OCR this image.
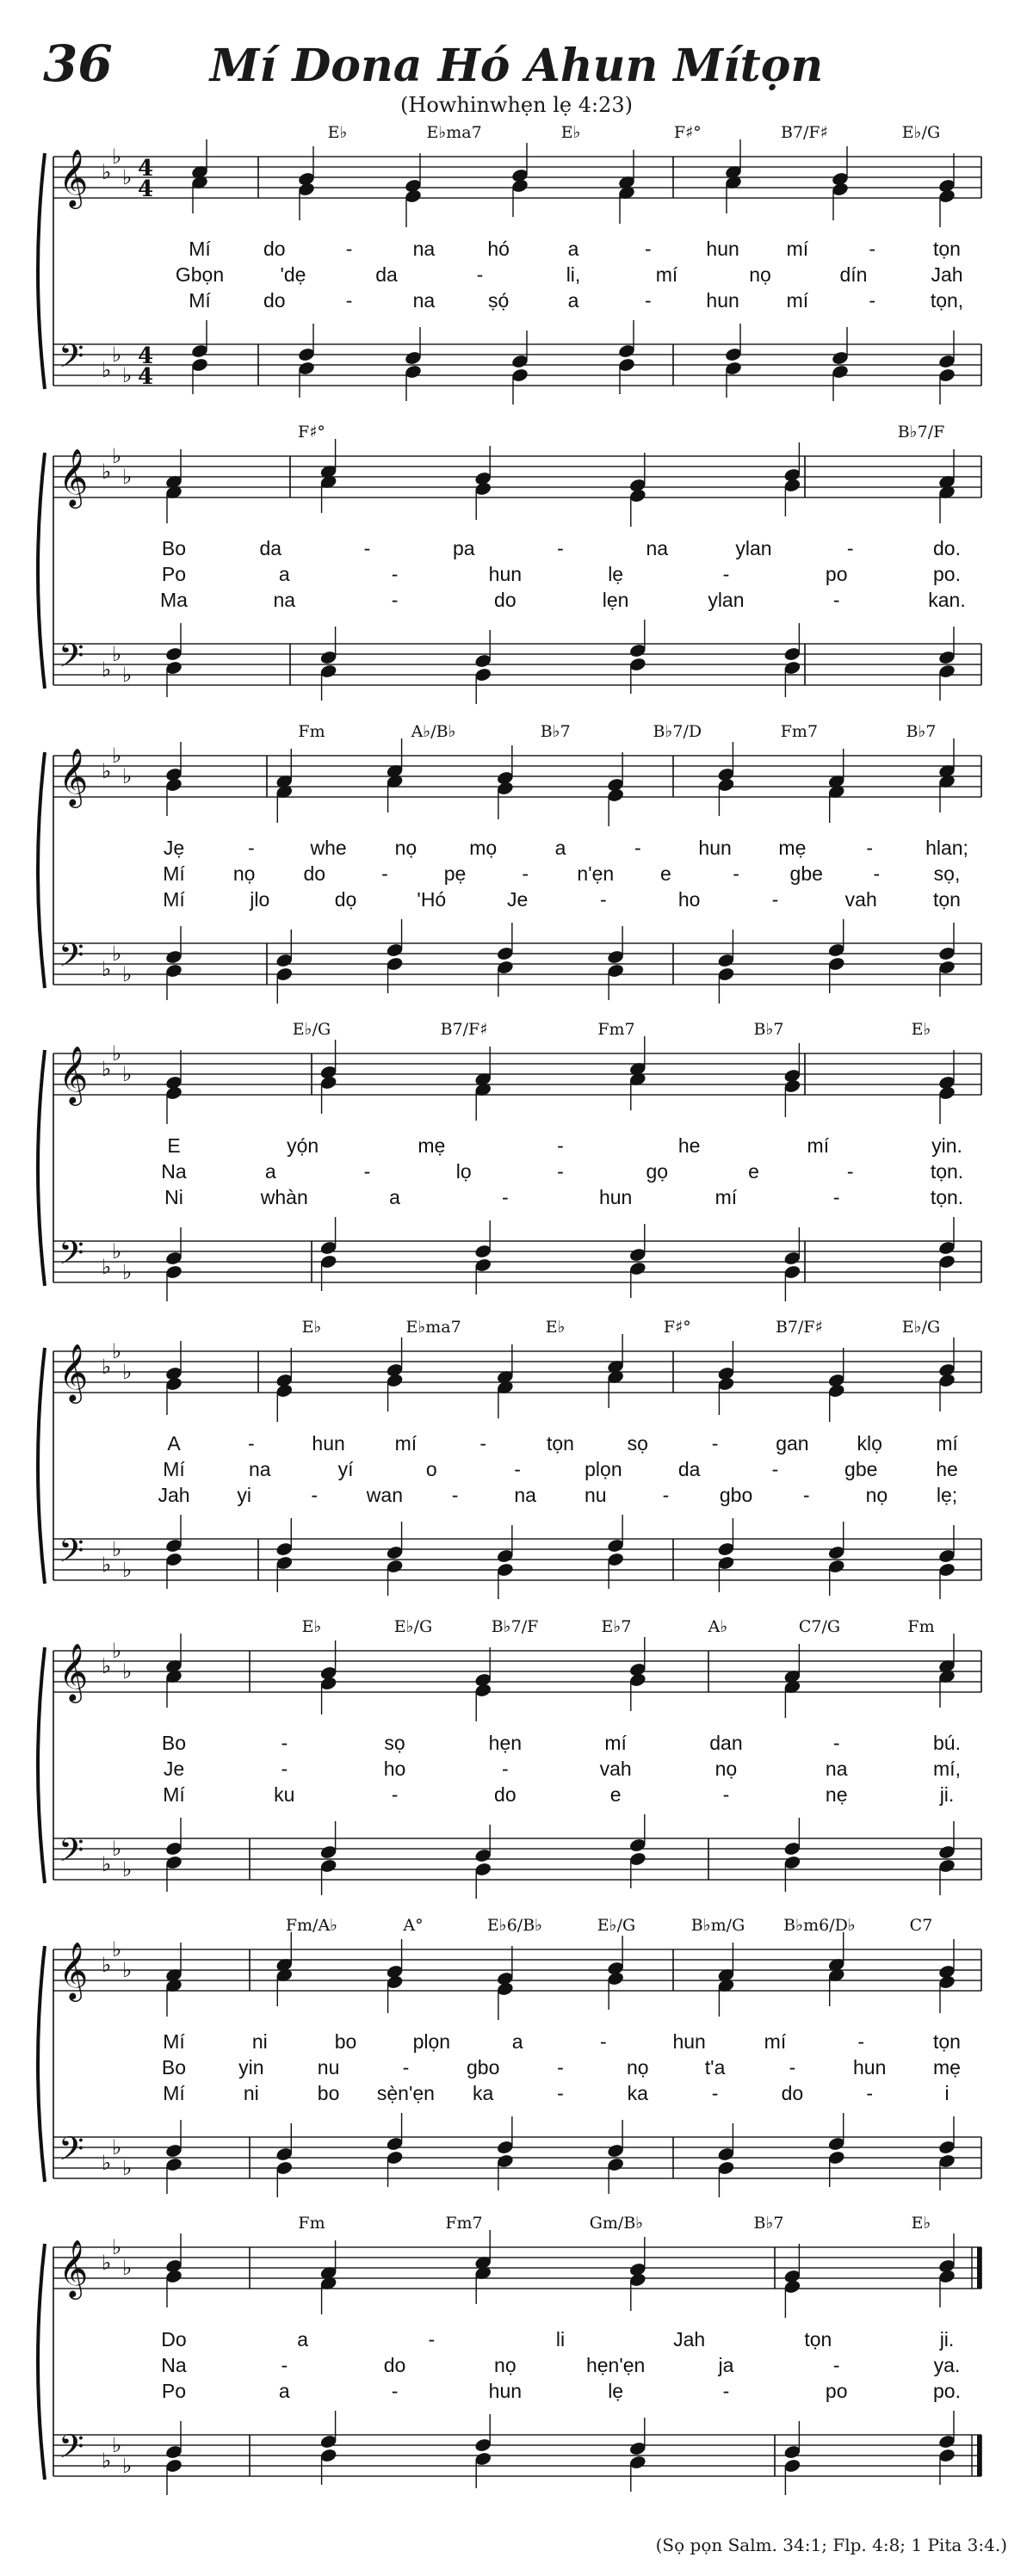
36	Mí Dona Hó Ahun Mítọn
(Howhinwhẹn lẹ 4:23)
𝄞
𝄢
♭
♭
♭
♭
♭
♭
4
4
4
4
E♭	E♭ma7	E♭	F♯°	B7/F♯	E♭/G
Mí	do	-	na	hó	a	-	hun mí	-	tọn
Gbọn	'dẹ	da	-	li,	mí	nọ	dín	Jah
Mí	do	-	na	ṣọ́	a	-	hun mí	-	tọn,
𝄞
𝄢
♭
♭
♭
♭
♭
♭
F♯°	B♭7/F
Bo	da	-	pa	-	na	ylan	-	do.
Po	a	-	hun	lẹ	-	po	po.
Ma	na	-	do	lẹn	ylan	-	kan.
𝄞
𝄢
♭
♭
♭
♭
♭
♭
Fm	A♭/B♭	B♭7	B♭7/D	Fm7	B♭7
Jẹ	-	whe nọ	mọ	a	-	hun mẹ	-	hlan;
Mí nọ do	-	pẹ	- n'ẹn e	-	gbe	-	sọ,
Mí	jlo	dọ	'Hó	Je	-	ho	-	vah	tọn
𝄞
𝄢
♭
♭
♭
♭
♭
♭
E♭/G	B7/F♯	Fm7	B♭7	E♭
E	yọ́n	mẹ	-	he	mí	yin.
Na	a	-	lọ	-	gọ	e	-	tọn.
Ni	whàn	a	-	hun	mí	-	tọn.
𝄞
𝄢
♭
♭
♭
♭
♭
♭
E♭	E♭ma7	E♭	F♯°	B7/F♯	E♭/G
A	-	hun	mí	-	tọn	sọ	-	gan klọ	mí
Mí	na	yí	o	-	plọn	da	-	gbe	he
Jah yi	- wan -	na nu	-	gbo	-	nọ lẹ;
𝄞
𝄢
♭
♭
♭
♭
♭
♭
E♭	E♭/G	B♭7/F	E♭7	A♭	C7/G	Fm
Bo	-	sọ	hẹn	mí	dan	-	bú.
Je	-	ho	-	vah	nọ	na	mí,
Mí	ku	-	do	e	-	nẹ	ji.
𝄞
𝄢
♭
♭
♭
♭
♭
♭
Fm/A♭	A°	E♭6/B♭	E♭/G	B♭m/G B♭m6/D♭	C7
Mí	ni	bo	plọn	a	-	hun	mí	-	tọn
Bo	yin	nu	-	gbo	-	nọ	t'a	-	hun mẹ
Mí	ni	bo sẹ̀n'ẹn ka	-	ka	-	do	-	i
𝄞
𝄢
♭
♭
♭
♭
♭
♭
Fm	Fm7	Gm/B♭	B♭7	E♭
Do	a	-	li	Jah	tọn	ji.
Na	-	do	nọ	hẹn'ẹn	ja	-	ya.
Po	a	-	hun	lẹ	-	po	po.
(Sọ pọn Salm. 34:1; Flp. 4:8; 1 Pita 3:4.)
